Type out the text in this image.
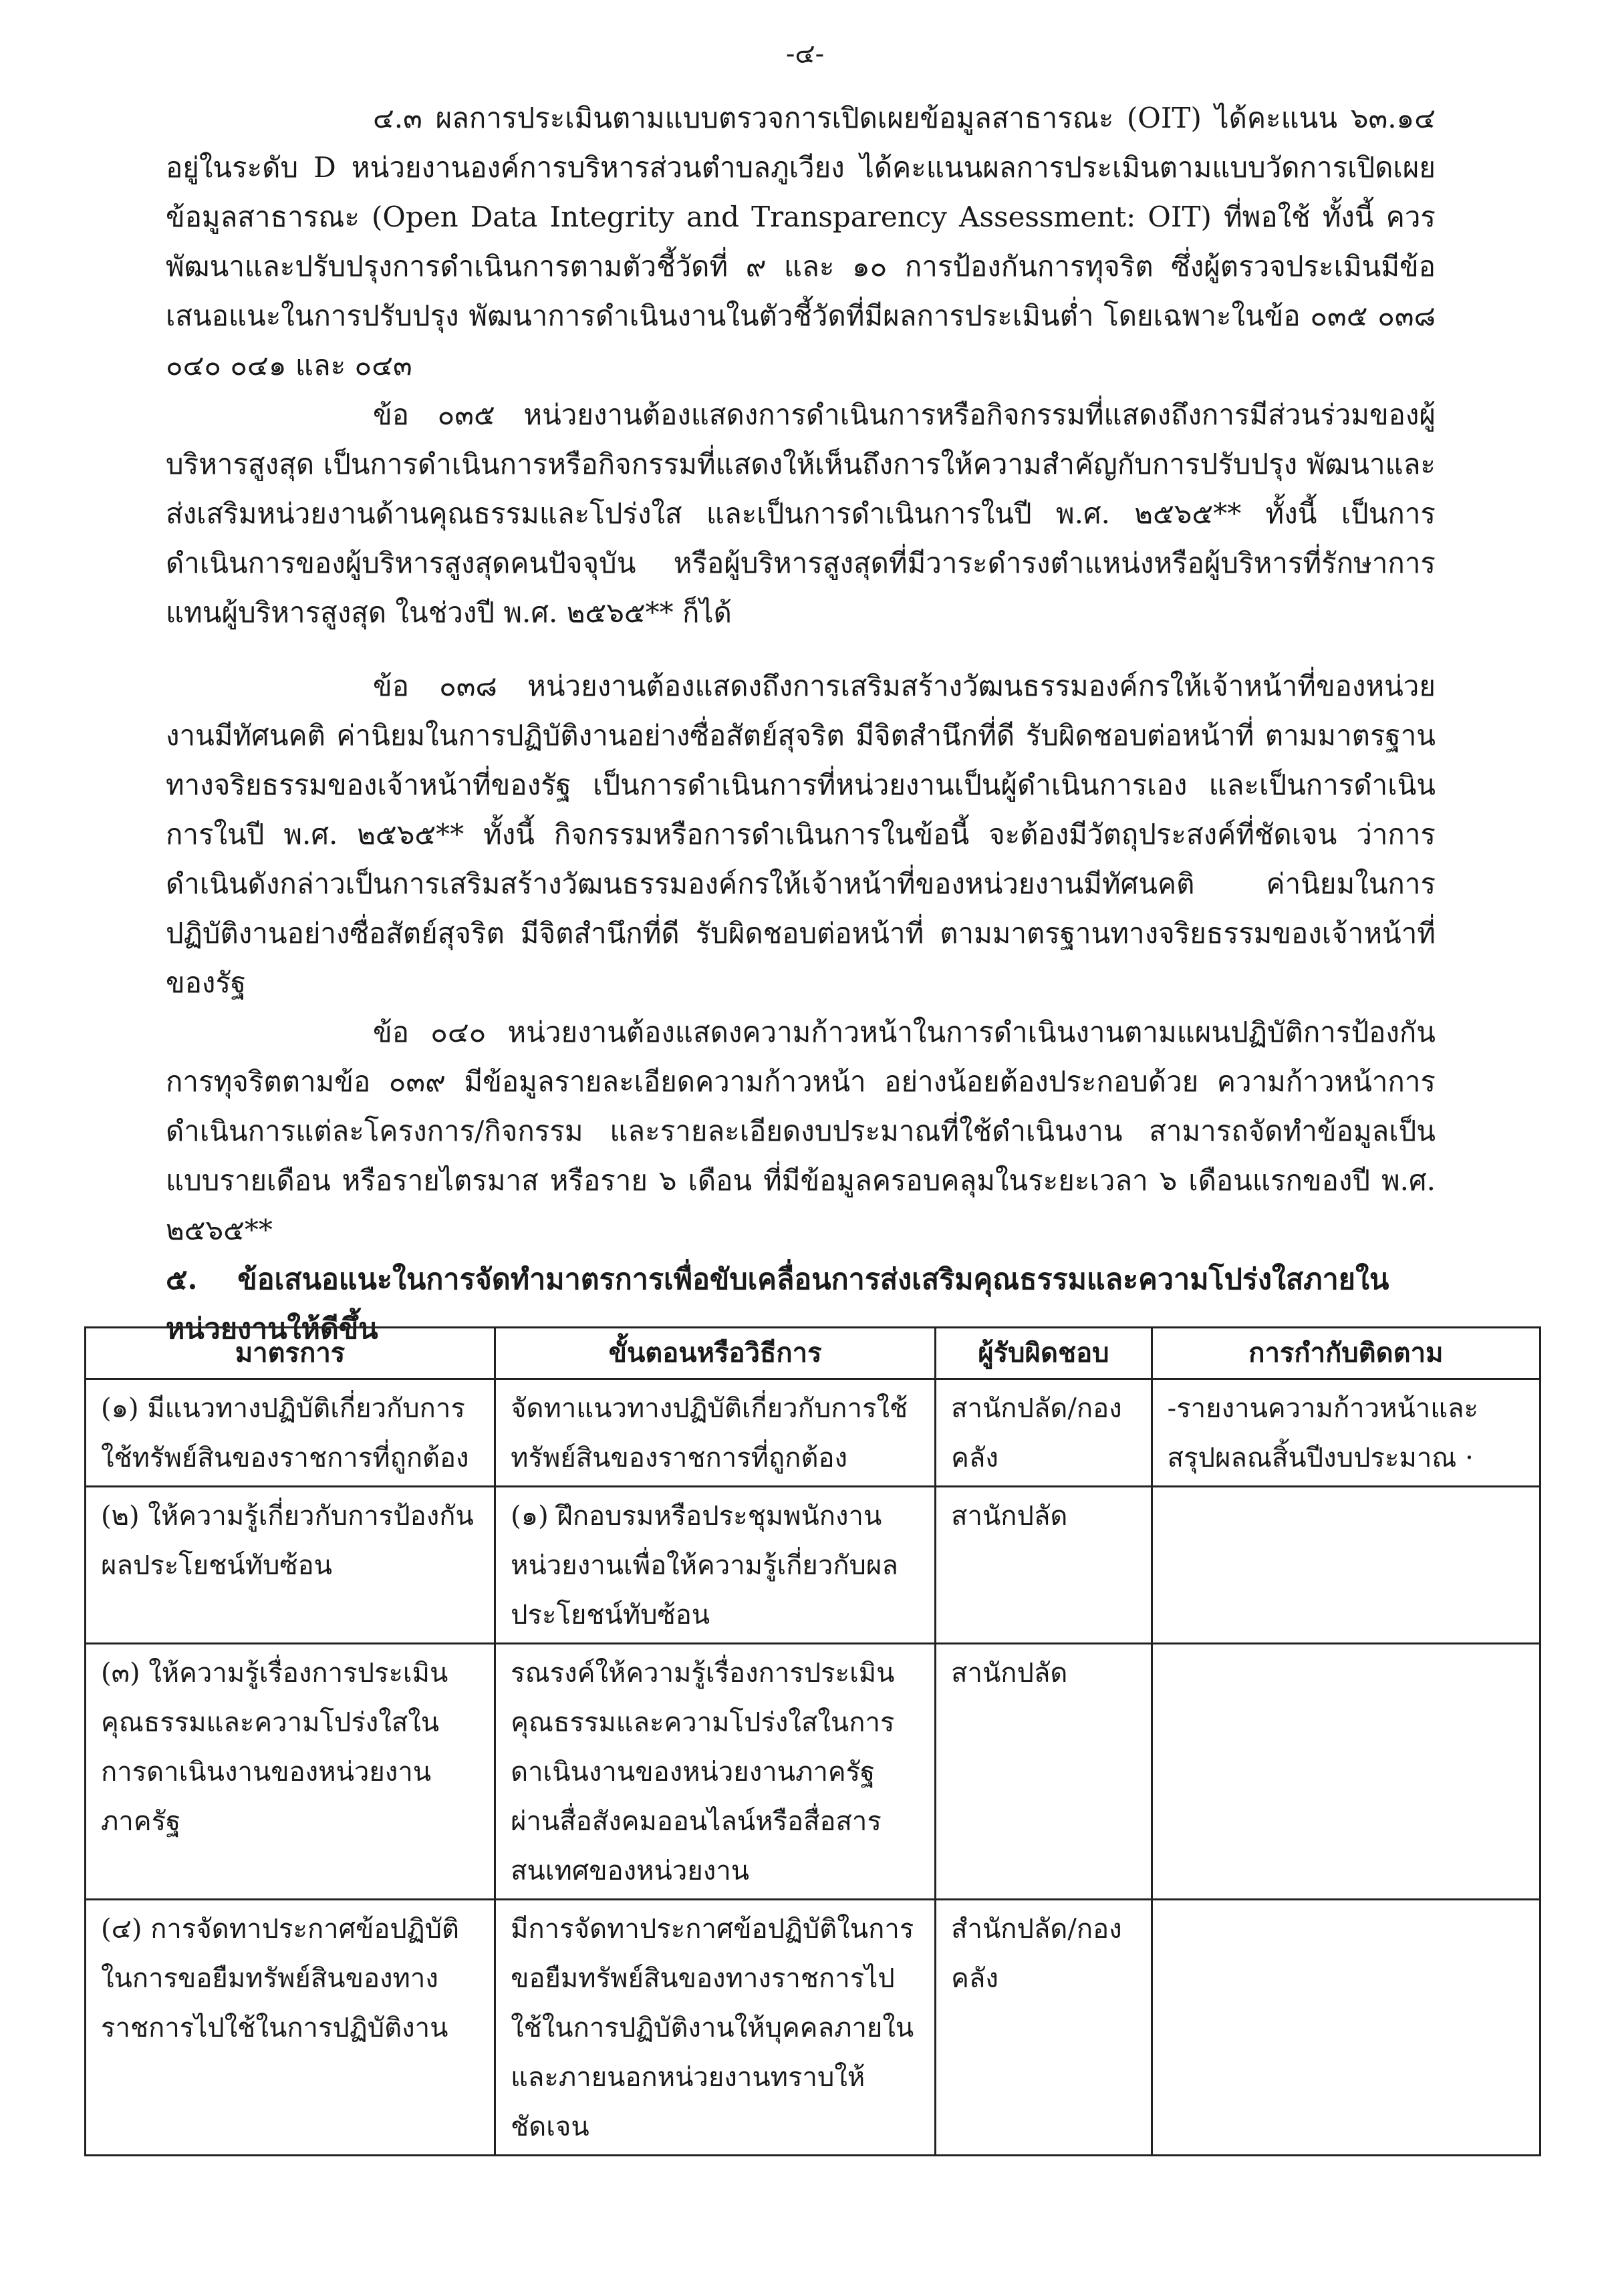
-๔-

๔.๓ ผลการประเมินตามแบบตรวจการเปิดเผยข้อมูลสาธารณะ (OIT) ได้คะแนน ๖๓.๑๔ อยู่ในระดับ D หน่วยงานองค์การบริหารส่วนตำบลภูเวียง ได้คะแนนผลการประเมินตามแบบวัดการเปิดเผยข้อมูลสาธารณะ (Open Data Integrity and Transparency Assessment: OIT) ที่พอใช้ ทั้งนี้ ควรพัฒนาและปรับปรุงการดำเนินการตามตัวชี้วัดที่ ๙ และ ๑๐ การป้องกันการทุจริต ซึ่งผู้ตรวจประเมินมีข้อเสนอแนะในการปรับปรุง พัฒนาการดำเนินงานในตัวชี้วัดที่มีผลการประเมินต่ำ โดยเฉพาะในข้อ ๐๓๕ ๐๓๘ ๐๔๐ ๐๔๑ และ ๐๔๓

ข้อ ๐๓๕ หน่วยงานต้องแสดงการดำเนินการหรือกิจกรรมที่แสดงถึงการมีส่วนร่วมของผู้บริหารสูงสุด เป็นการดำเนินการหรือกิจกรรมที่แสดงให้เห็นถึงการให้ความสำคัญกับการปรับปรุง พัฒนาและส่งเสริมหน่วยงานด้านคุณธรรมและโปร่งใส และเป็นการดำเนินการในปี พ.ศ. ๒๕๖๕** ทั้งนี้ เป็นการดำเนินการของผู้บริหารสูงสุดคนปัจจุบัน หรือผู้บริหารสูงสุดที่มีวาระดำรงตำแหน่งหรือผู้บริหารที่รักษาการแทนผู้บริหารสูงสุด ในช่วงปี พ.ศ. ๒๕๖๕** ก็ได้

ข้อ ๐๓๘ หน่วยงานต้องแสดงถึงการเสริมสร้างวัฒนธรรมองค์กรให้เจ้าหน้าที่ของหน่วยงานมีทัศนคติ ค่านิยมในการปฏิบัติงานอย่างซื่อสัตย์สุจริต มีจิตสำนึกที่ดี รับผิดชอบต่อหน้าที่ ตามมาตรฐานทางจริยธรรมของเจ้าหน้าที่ของรัฐ เป็นการดำเนินการที่หน่วยงานเป็นผู้ดำเนินการเอง และเป็นการดำเนินการในปี พ.ศ. ๒๕๖๕** ทั้งนี้ กิจกรรมหรือการดำเนินการในข้อนี้ จะต้องมีวัตถุประสงค์ที่ชัดเจน ว่าการดำเนินดังกล่าวเป็นการเสริมสร้างวัฒนธรรมองค์กรให้เจ้าหน้าที่ของหน่วยงานมีทัศนคติ ค่านิยมในการปฏิบัติงานอย่างซื่อสัตย์สุจริต มีจิตสำนึกที่ดี รับผิดชอบต่อหน้าที่ ตามมาตรฐานทางจริยธรรมของเจ้าหน้าที่ของรัฐ

ข้อ ๐๔๐ หน่วยงานต้องแสดงความก้าวหน้าในการดำเนินงานตามแผนปฏิบัติการป้องกันการทุจริตตามข้อ ๐๓๙ มีข้อมูลรายละเอียดความก้าวหน้า อย่างน้อยต้องประกอบด้วย ความก้าวหน้าการดำเนินการแต่ละโครงการ/กิจกรรม และรายละเอียดงบประมาณที่ใช้ดำเนินงาน สามารถจัดทำข้อมูลเป็นแบบรายเดือน หรือรายไตรมาส หรือราย ๖ เดือน ที่มีข้อมูลครอบคลุมในระยะเวลา ๖ เดือนแรกของปี พ.ศ. ๒๕๖๕**

๕. ข้อเสนอแนะในการจัดทำมาตรการเพื่อขับเคลื่อนการส่งเสริมคุณธรรมและความโปร่งใสภายใน

หน่วยงานให้ดีขึ้น

มาตรการ	ขั้นตอนหรือวิธีการ	ผู้รับผิดชอบ	การกำกับติดตาม
(๑) มีแนวทางปฏิบัติเกี่ยวกับการใช้ทรัพย์สินของราชการที่ถูกต้อง	จัดทาแนวทางปฏิบัติเกี่ยวกับการใช้ทรัพย์สินของราชการที่ถูกต้อง	สานักปลัด/กองคลัง	-รายงานความก้าวหน้าและสรุปผลณสิ้นปีงบประมาณ ·
(๒) ให้ความรู้เกี่ยวกับการป้องกันผลประโยชน์ทับซ้อน	(๑) ฝึกอบรมหรือประชุมพนักงานหน่วยงานเพื่อให้ความรู้เกี่ยวกับผลประโยชน์ทับซ้อน	สานักปลัด	
(๓) ให้ความรู้เรื่องการประเมินคุณธรรมและความโปร่งใสในการดาเนินงานของหน่วยงานภาครัฐ	รณรงค์ให้ความรู้เรื่องการประเมินคุณธรรมและความโปร่งใสในการดาเนินงานของหน่วยงานภาครัฐผ่านสื่อสังคมออนไลน์หรือสื่อสารสนเทศของหน่วยงาน	สานักปลัด	
(๔) การจัดทาประกาศข้อปฏิบัติในการขอยืมทรัพย์สินของทางราชการไปใช้ในการปฏิบัติงาน	มีการจัดทาประกาศข้อปฏิบัติในการขอยืมทรัพย์สินของทางราชการไปใช้ในการปฏิบัติงานให้บุคคลภายในและภายนอกหน่วยงานทราบให้ชัดเจน	สำนักปลัด/กองคลัง	
